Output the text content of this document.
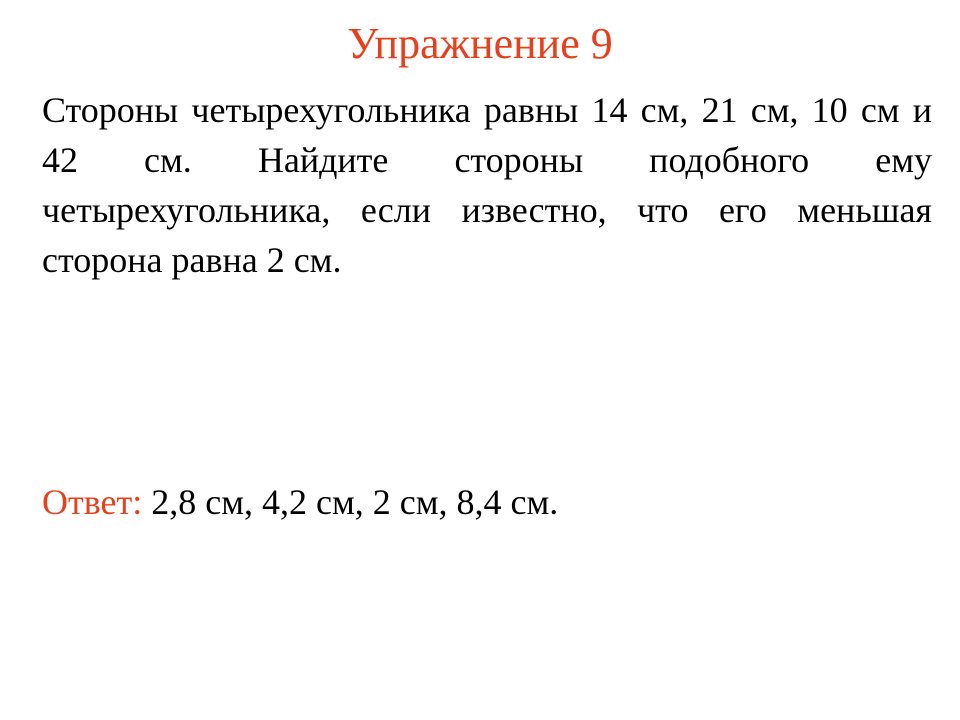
Упражнение 9

Стороны четырехугольника равны 14 см, 21 см, 10 см и 42 см. Найдите стороны подобного ему четырехугольника, если известно, что его меньшая сторона равна 2 см.

Ответ: 2,8 см, 4,2 см, 2 см, 8,4 см.
